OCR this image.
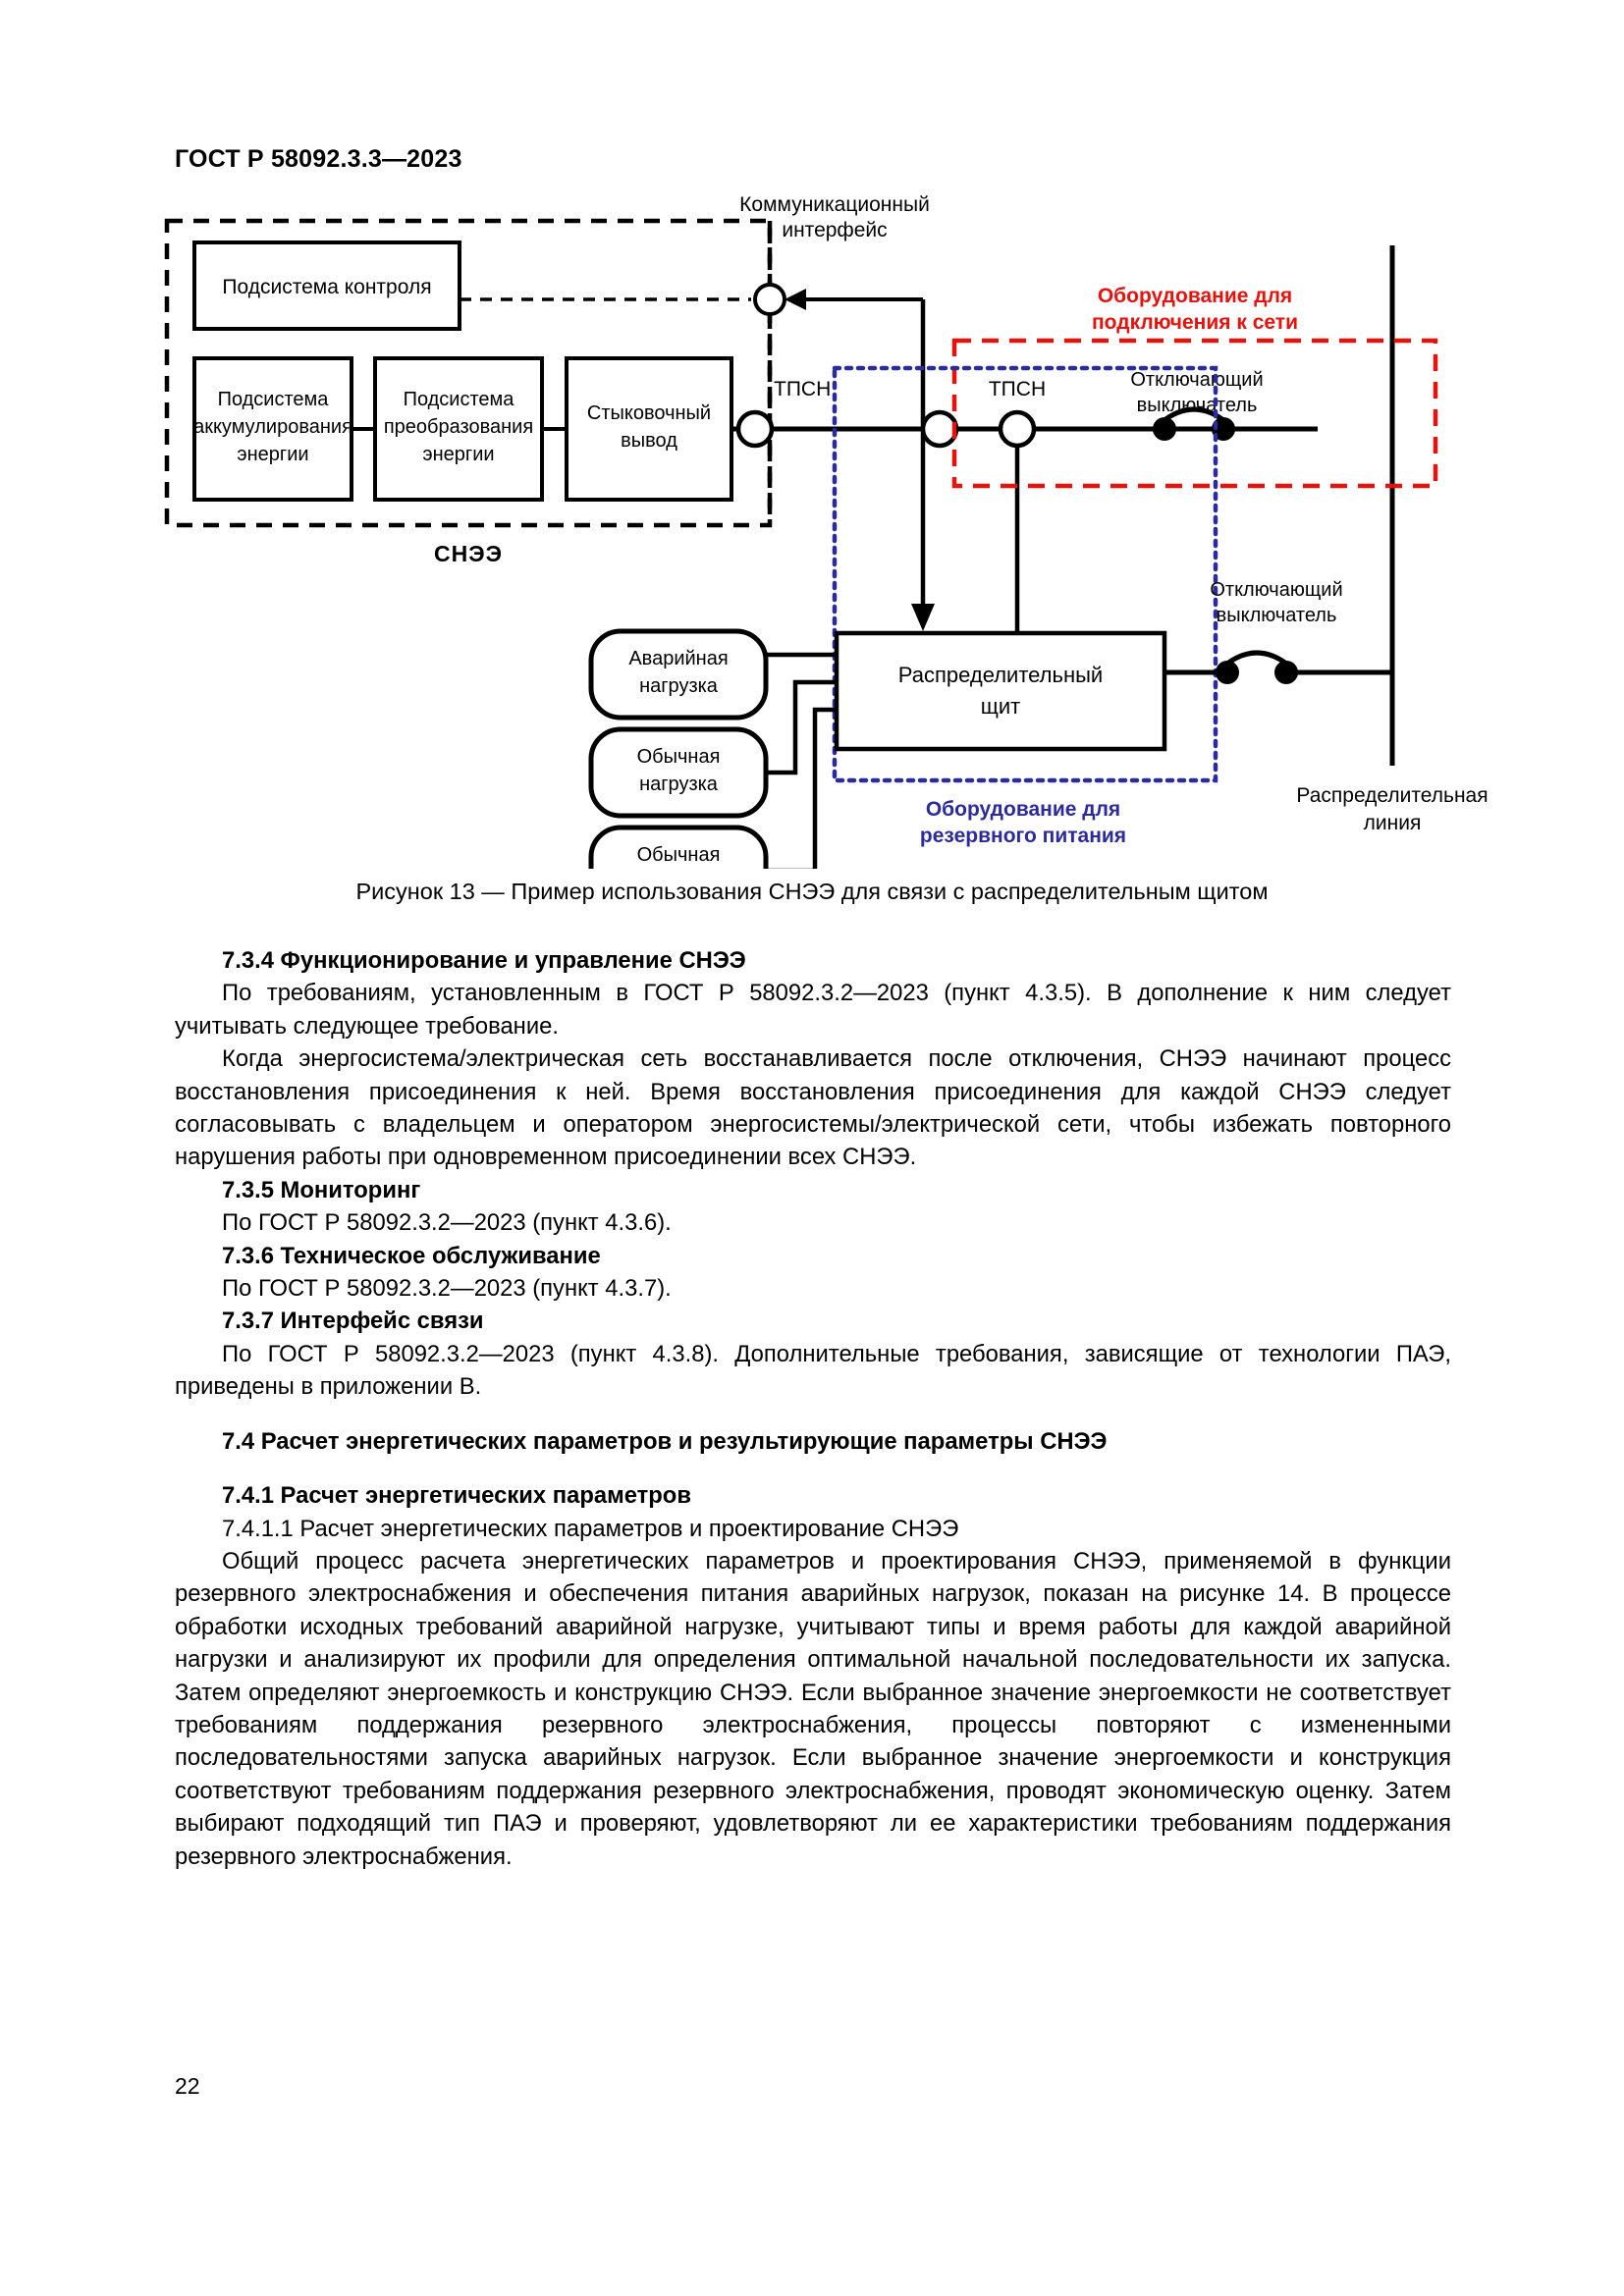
ГОСТ Р 58092.3.3—2023
Подсистема контроля
Подсистема
аккумулирования
энергии
Подсистема
преобразования
энергии
Стыковочный
вывод
СНЭЭ
Коммуникационный
интерфейс
ТПСН	ТПСН	Отключающий
выключатель
Оборудование для
подключения к сети
Оборудование для
резервного питания
Распределительный
щит
Отключающий
выключатель
Распределительная
линия
Аварийная
нагрузка
Обычная
нагрузка
Обычная
Рисунок 13 — Пример использования СНЭЭ для связи с распределительным щитом
7.3.4 Функционирование и управление СНЭЭ

По требованиям, установленным в ГОСТ Р 58092.3.2—2023 (пункт 4.3.5). В дополнение к ним следует учитывать следующее требование.

Когда энергосистема/электрическая сеть восстанавливается после отключения, СНЭЭ начинают процесс восстановления присоединения к ней. Время восстановления присоединения для каждой СНЭЭ следует согласовывать с владельцем и оператором энергосистемы/электрической сети, чтобы избежать повторного нарушения работы при одновременном присоединении всех СНЭЭ.

7.3.5 Мониторинг

По ГОСТ Р 58092.3.2—2023 (пункт 4.3.6).

7.3.6 Техническое обслуживание

По ГОСТ Р 58092.3.2—2023 (пункт 4.3.7).

7.3.7 Интерфейс связи

По ГОСТ Р 58092.3.2—2023 (пункт 4.3.8). Дополнительные требования, зависящие от технологии ПАЭ, приведены в приложении В.

7.4 Расчет энергетических параметров и результирующие параметры СНЭЭ
7.4.1 Расчет энергетических параметров

7.4.1.1 Расчет энергетических параметров и проектирование СНЭЭ

Общий процесс расчета энергетических параметров и проектирования СНЭЭ, применяемой в функции резервного электроснабжения и обеспечения питания аварийных нагрузок, показан на рисунке 14. В процессе обработки исходных требований аварийной нагрузке, учитывают типы и время работы для каждой аварийной нагрузки и анализируют их профили для определения оптимальной начальной последовательности их запуска. Затем определяют энергоемкость и конструкцию СНЭЭ. Если выбранное значение энергоемкости не соответствует требованиям поддержания резервного электроснабжения, процессы повторяют с измененными последовательностями запуска аварийных нагрузок. Если выбранное значение энергоемкости и конструкция соответствуют требованиям поддержания резервного электроснабжения, проводят экономическую оценку. Затем выбирают подходящий тип ПАЭ и проверяют, удовлетворяют ли ее характеристики требованиям поддержания резервного электроснабжения.

22
